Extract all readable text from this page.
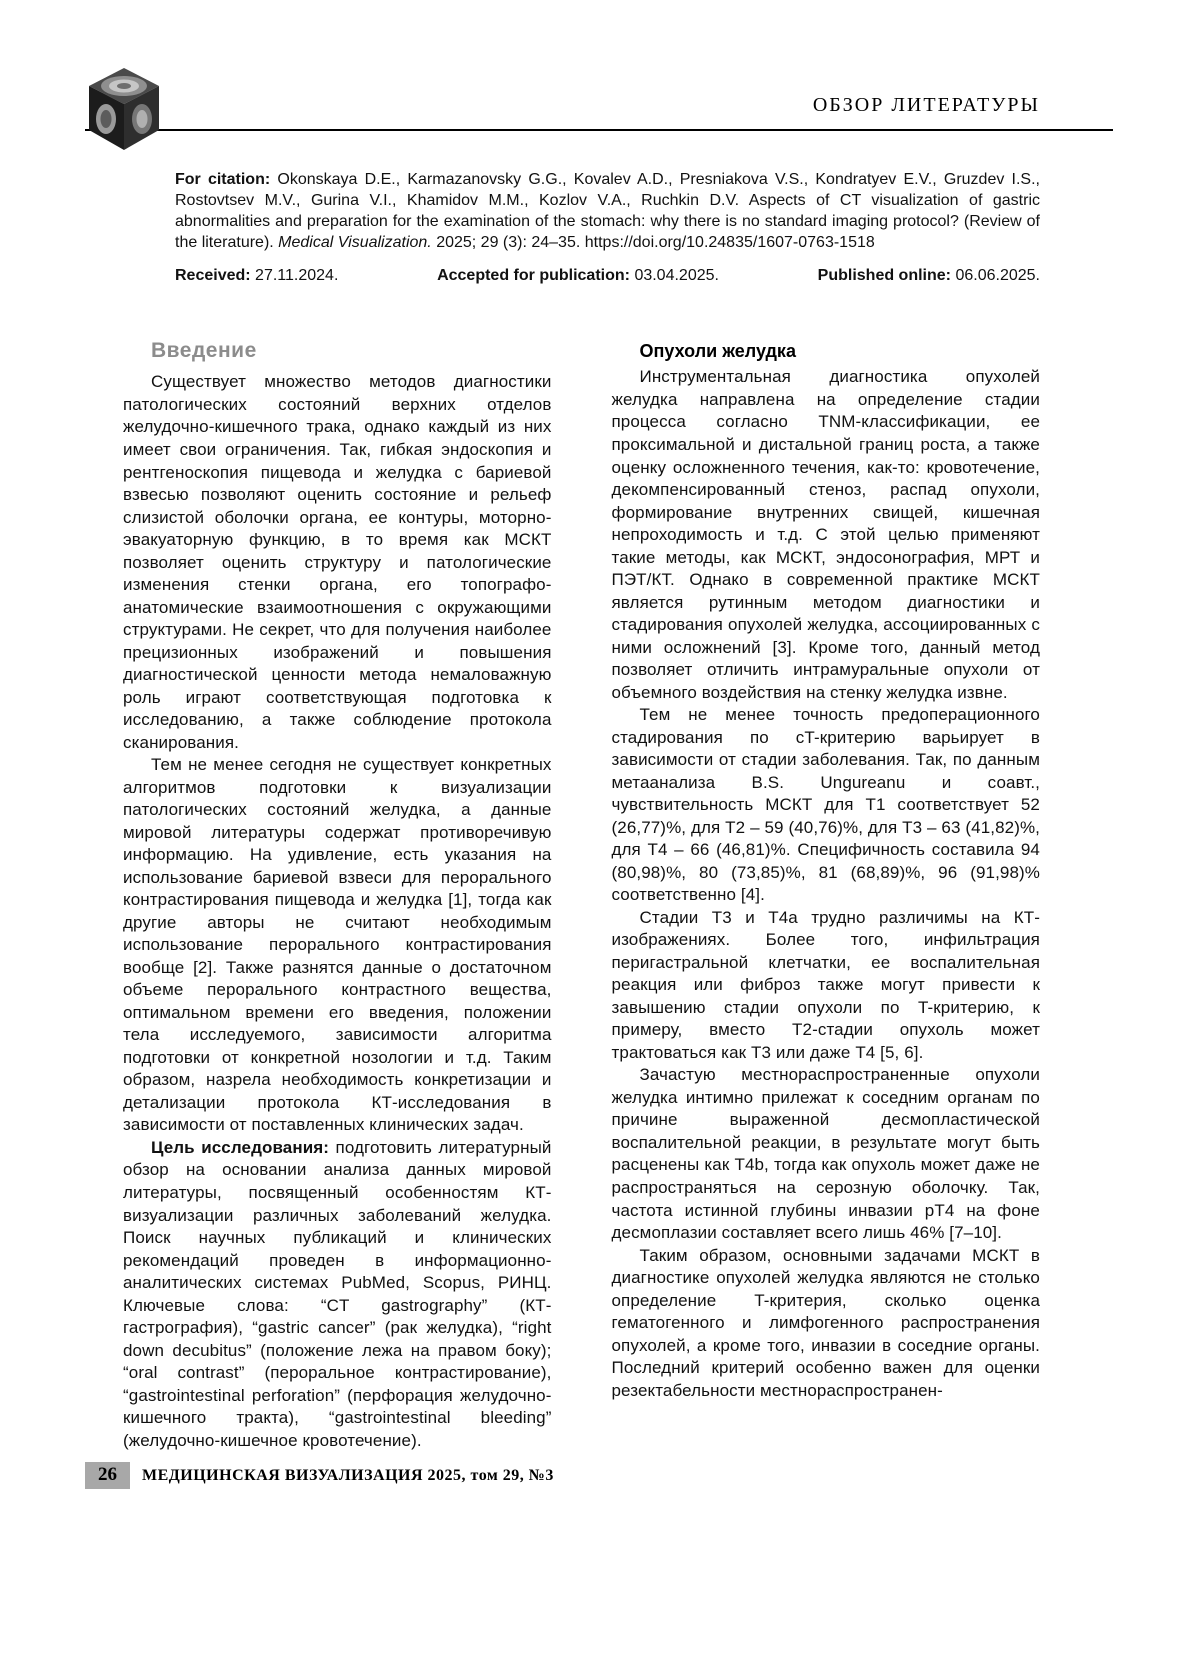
ОБЗОР ЛИТЕРАТУРЫ
For citation: Okonskaya D.E., Karmazanovsky G.G., Kovalev A.D., Presniakova V.S., Kondratyev E.V., Gruzdev I.S., Rostovtsev M.V., Gurina V.I., Khamidov M.M., Kozlov V.A., Ruchkin D.V. Aspects of CT visualization of gastric abnormalities and preparation for the examination of the stomach: why there is no standard imaging protocol? (Review of the literature). Medical Visualization. 2025; 29 (3): 24–35. https://doi.org/10.24835/1607-0763-1518
Received: 27.11.2024.	Accepted for publication: 03.04.2025.	Published online: 06.06.2025.
Введение

Существует множество методов диагностики патологических состояний верхних отделов желудочно-кишечного трака, однако каждый из них имеет свои ограничения. Так, гибкая эндоскопия и рентгеноскопия пищевода и желудка с бариевой взвесью позволяют оценить состояние и рельеф слизистой оболочки органа, ее контуры, моторно-эвакуаторную функцию, в то время как МСКТ позволяет оценить структуру и патологические изменения стенки органа, его топографо-анатомические взаимоотношения с окружающими структурами. Не секрет, что для получения наиболее прецизионных изображений и повышения диагностической ценности метода немаловажную роль играют соответствующая подготовка к исследованию, а также соблюдение протокола сканирования.

Тем не менее сегодня не существует конкретных алгоритмов подготовки к визуализации патологических состояний желудка, а данные мировой литературы содержат противоречивую информацию. На удивление, есть указания на использование бариевой взвеси для перорального контрастирования пищевода и желудка [1], тогда как другие авторы не считают необходимым использование перорального контрастирования вообще [2]. Также разнятся данные о достаточном объеме перорального контрастного вещества, оптимальном времени его введения, положении тела исследуемого, зависимости алгоритма подготовки от конкретной нозологии и т.д. Таким образом, назрела необходимость конкретизации и детализации протокола КТ-исследования в зависимости от поставленных клинических задач.

Цель исследования: подготовить литературный обзор на основании анализа данных мировой литературы, посвященный особенностям КТ-визуализации различных заболеваний желудка. Поиск научных публикаций и клинических рекомендаций проведен в информационно-аналитических системах PubMed, Scopus, РИНЦ. Ключевые слова: “CT gastrography” (КТ-гастрография), “gastric cancer” (рак желудка), “right down decubitus” (положение лежа на правом боку); “oral contrast” (пероральное контрастирование), “gastrointestinal perforation” (перфорация желудочно-кишечного тракта), “gastrointestinal bleeding” (желудочно-кишечное кровотечение).

Опухоли желудка

Инструментальная диагностика опухолей желудка направлена на определение стадии процесса согласно TNM-классификации, ее проксимальной и дистальной границ роста, а также оценку осложненного течения, как-то: кровотечение, декомпенсированный стеноз, распад опухоли, формирование внутренних свищей, кишечная непроходимость и т.д. С этой целью применяют такие методы, как МСКТ, эндосонография, МРТ и ПЭТ/КТ. Однако в современной практике МСКТ является рутинным методом диагностики и стадирования опухолей желудка, ассоциированных с ними осложнений [3]. Кроме того, данный метод позволяет отличить интрамуральные опухоли от объемного воздействия на стенку желудка извне.

Тем не менее точность предоперационного стадирования по cT-критерию варьирует в зависимости от стадии заболевания. Так, по данным метаанализа B.S. Ungureanu и соавт., чувствительность МСКТ для T1 соответствует 52 (26,77)%, для T2 – 59 (40,76)%, для T3 – 63 (41,82)%, для T4 – 66 (46,81)%. Специфичность составила 94 (80,98)%, 80 (73,85)%, 81 (68,89)%, 96 (91,98)% соответственно [4].

Стадии T3 и T4a трудно различимы на КТ-изображениях. Более того, инфильтрация перигастральной клетчатки, ее воспалительная реакция или фиброз также могут привести к завышению стадии опухоли по T-критерию, к примеру, вместо T2-стадии опухоль может трактоваться как T3 или даже T4 [5, 6].

Зачастую местнораспространенные опухоли желудка интимно прилежат к соседним органам по причине выраженной десмопластической воспалительной реакции, в результате могут быть расценены как T4b, тогда как опухоль может даже не распространяться на серозную оболочку. Так, частота истинной глубины инвазии pT4 на фоне десмоплазии составляет всего лишь 46% [7–10].

Таким образом, основными задачами МСКТ в диагностике опухолей желудка являются не столько определение T-критерия, сколько оценка гематогенного и лимфогенного распространения опухолей, а кроме того, инвазии в соседние органы. Последний критерий особенно важен для оценки резектабельности местнораспространен-

26	МЕДИЦИНСКАЯ ВИЗУАЛИЗАЦИЯ 2025, том 29, №3
